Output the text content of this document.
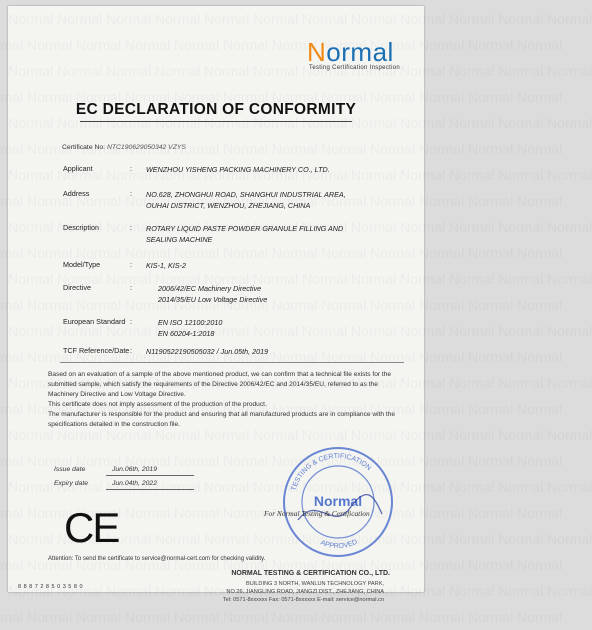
Normal
Testing Certification Inspection
EC DECLARATION OF CONFORMITY
Certificate No: NTC190629050342 VZYS
Applicant	: WENZHOU YISHENG PACKING MACHINERY CO., LTD.
Address	: NO.628, ZHONGHUI ROAD, SHANGHUI INDUSTRIAL AREA,
OUHAI DISTRICT, WENZHOU, ZHEJIANG, CHINA
Description	: ROTARY LIQUID PASTE POWDER GRANULE FILLING AND
SEALING MACHINE
Model/Type	: KIS-1, KIS-2
Directive	:	2006/42/EC Machinery Directive
2014/35/EU Low Voltage Directive
European Standard :	EN ISO 12100:2010
EN 60204-1:2018
TCF Reference/Date : N1190522190505032 / Jun.05th, 2019
Based on an evaluation of a sample of the above mentioned product, we can confirm that a technical file exists for the submitted sample, which satisfy the requirements of the Directive 2006/42/EC and 2014/35/EU, referred to as the Machinery Directive and Low Voltage Directive.
This certificate does not imply assessment of the production of the product.
The manufacturer is responsible for the product and ensuring that all manufactured products are in compliance with the specifications detailed in the construction file.
Issue date	Jun.06th, 2019
Expiry date	Jun.04th, 2022
CE
TESTING & CERTIFICATION
APPROVED
Normal
For Normal Testing & Certification
Attention: To send the certificate to service@normal-cert.com for checking validity.
NORMAL TESTING & CERTIFICATION CO., LTD.
BUILDING 3 NORTH, WANLUN TECHNOLOGY PARK,
NO.26, JIANGLING ROAD, JIANGZI DIST., ZHEJIANG, CHINA
Tel: 0571-8xxxxxx Fax: 0571-8xxxxxx E-mail: service@normal.cn
8 8 8 7 2 8 5 0 3 5 8 0
